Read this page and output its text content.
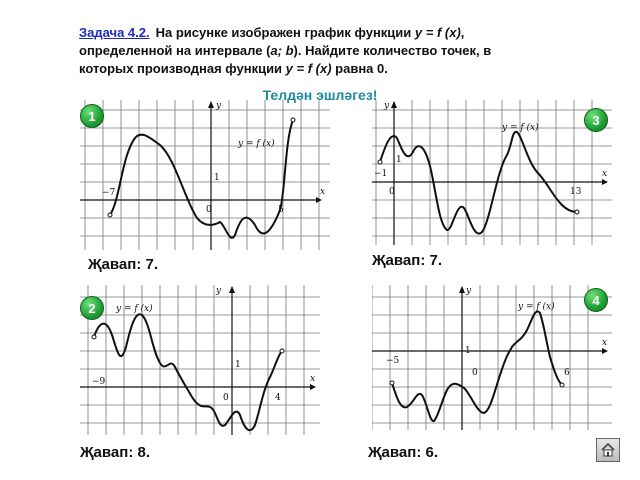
Задача 4.2. На рисунке изображен график функции y = f (x), определенной на интервале (a; b). Найдите количество точек, в которых производная функции y = f (x) равна 0.
Телдән эшләгез!
y
x
y = f (x)
−7
1
0	5
y
x
y = f (x)
−1
1
0	13
y
x
y = f (x)
−9
1
0	4
y
x
y = f (x)
−5
1
0	6
1	3
2
4
Җавап: 7.	Җавап: 7.
Җавап: 8.	Җавап: 6.
